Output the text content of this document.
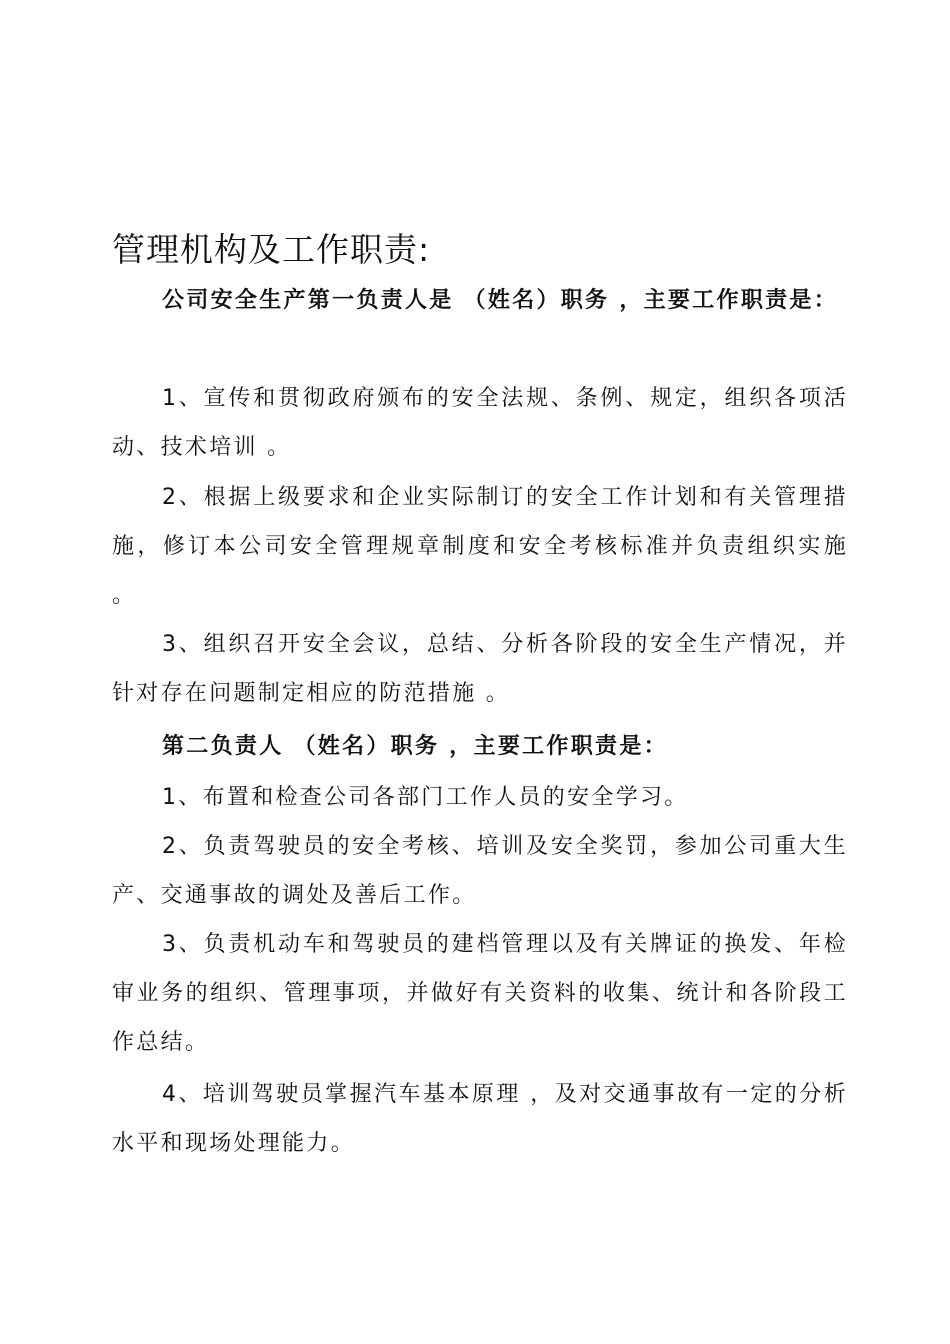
管理机构及工作职责:
公司安全生产第一负责人是 （姓名）职务 ，主要工作职责是：
1、宣传和贯彻政府颁布的安全法规、条例、规定，组织各项活动、技术培训 。
2、根据上级要求和企业实际制订的安全工作计划和有关管理措施，修订本公司安全管理规章制度和安全考核标准并负责组织实施 。
3、组织召开安全会议，总结、分析各阶段的安全生产情况，并针对存在问题制定相应的防范措施 。
第二负责人 （姓名）职务 ，主要工作职责是：
1、布置和检查公司各部门工作人员的安全学习。
2、负责驾驶员的安全考核、培训及安全奖罚，参加公司重大生产、交通事故的调处及善后工作。
3、负责机动车和驾驶员的建档管理以及有关牌证的换发、年检审业务的组织、管理事项，并做好有关资料的收集、统计和各阶段工作总结。
4、培训驾驶员掌握汽车基本原理 ，及对交通事故有一定的分析水平和现场处理能力。
